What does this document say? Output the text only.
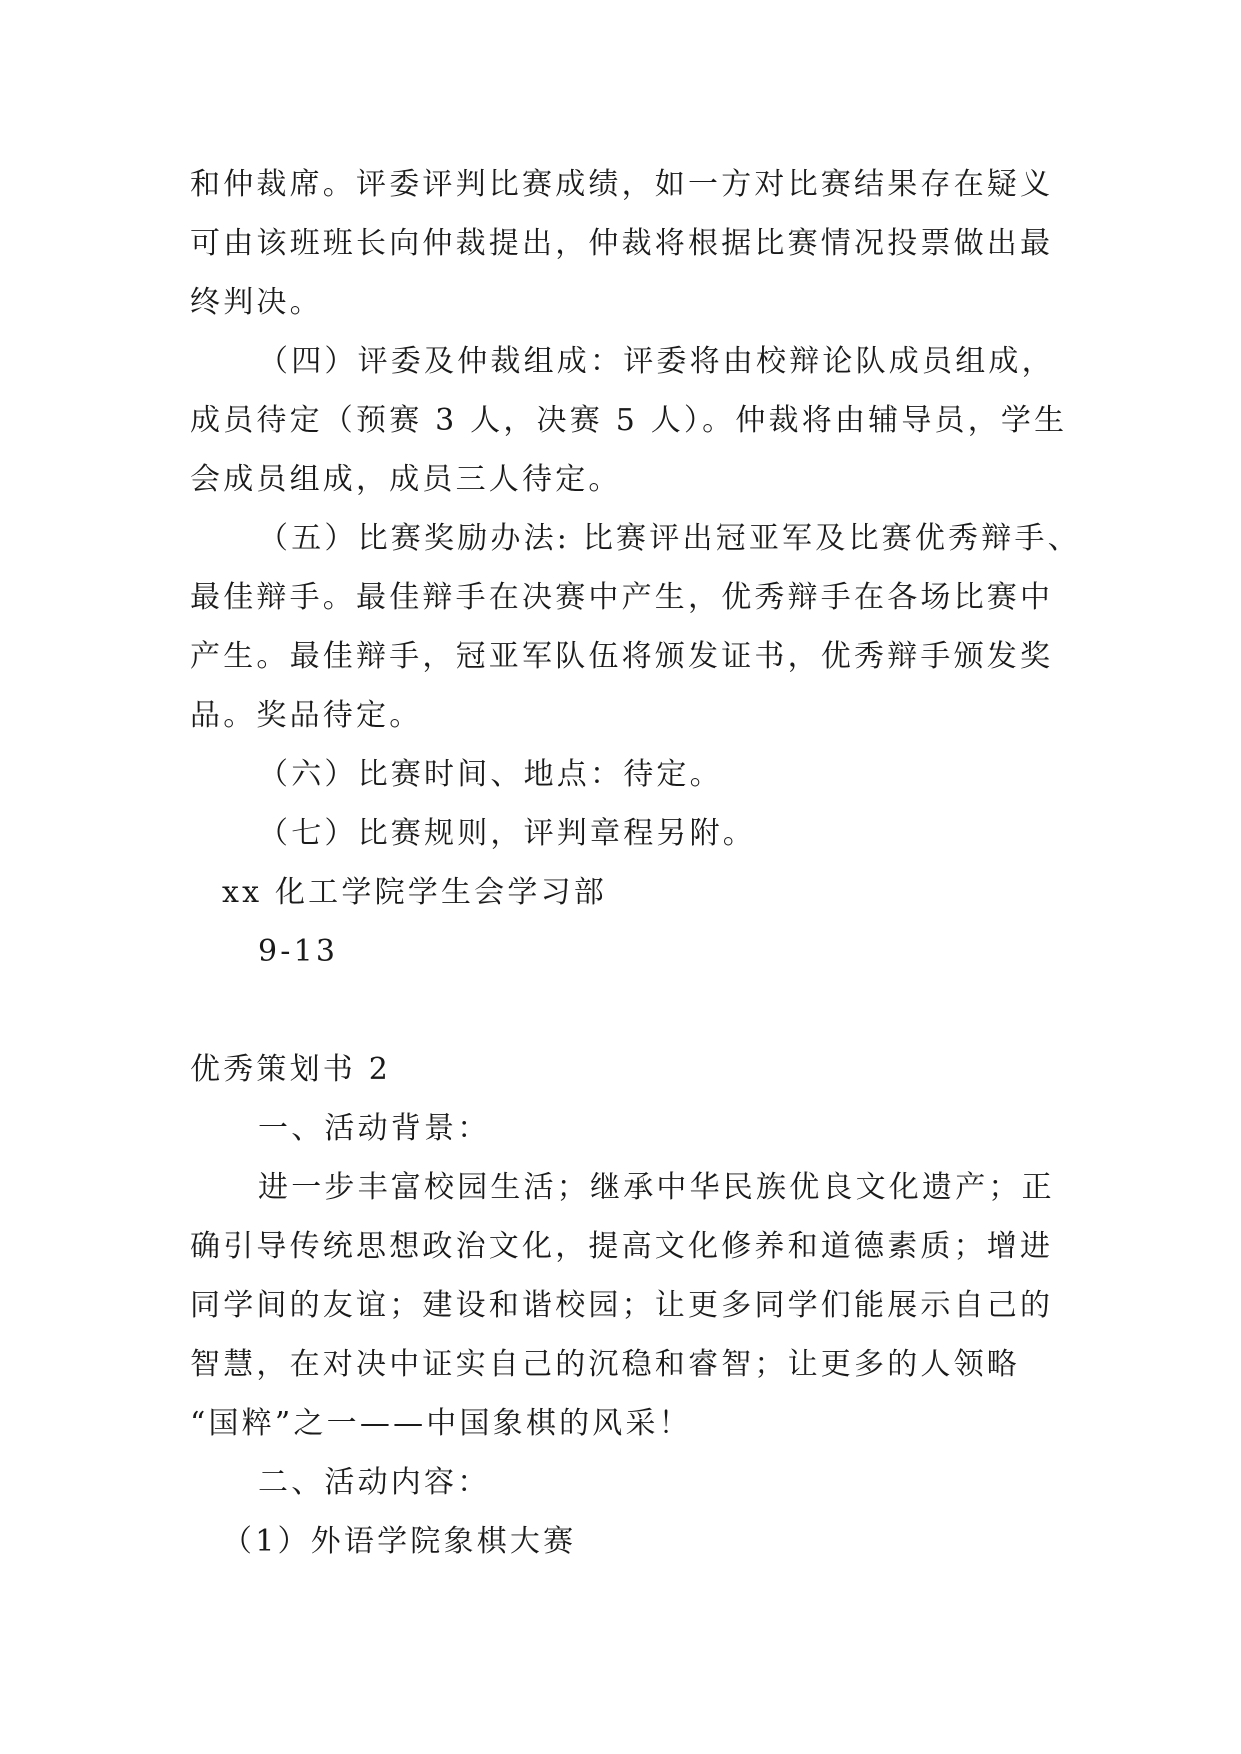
和仲裁席。评委评判比赛成绩，如一方对比赛结果存在疑义
可由该班班长向仲裁提出，仲裁将根据比赛情况投票做出最
终判决。
（四）评委及仲裁组成：评委将由校辩论队成员组成，
成员待定（预赛 3 人，决赛 5 人）。仲裁将由辅导员，学生
会成员组成，成员三人待定。
（五）比赛奖励办法: 比赛评出冠亚军及比赛优秀辩手、
最佳辩手。最佳辩手在决赛中产生，优秀辩手在各场比赛中
产生。最佳辩手，冠亚军队伍将颁发证书，优秀辩手颁发奖
品。奖品待定。
（六）比赛时间、地点：待定。
（七）比赛规则，评判章程另附。
xx 化工学院学生会学习部
9-13
优秀策划书 2
一、活动背景：
进一步丰富校园生活；继承中华民族优良文化遗产；正
确引导传统思想政治文化，提高文化修养和道德素质；增进
同学间的友谊；建设和谐校园；让更多同学们能展示自己的
智慧，在对决中证实自己的沉稳和睿智；让更多的人领略
“国粹”之一——中国象棋的风采！
二、活动内容：
（1）外语学院象棋大赛
